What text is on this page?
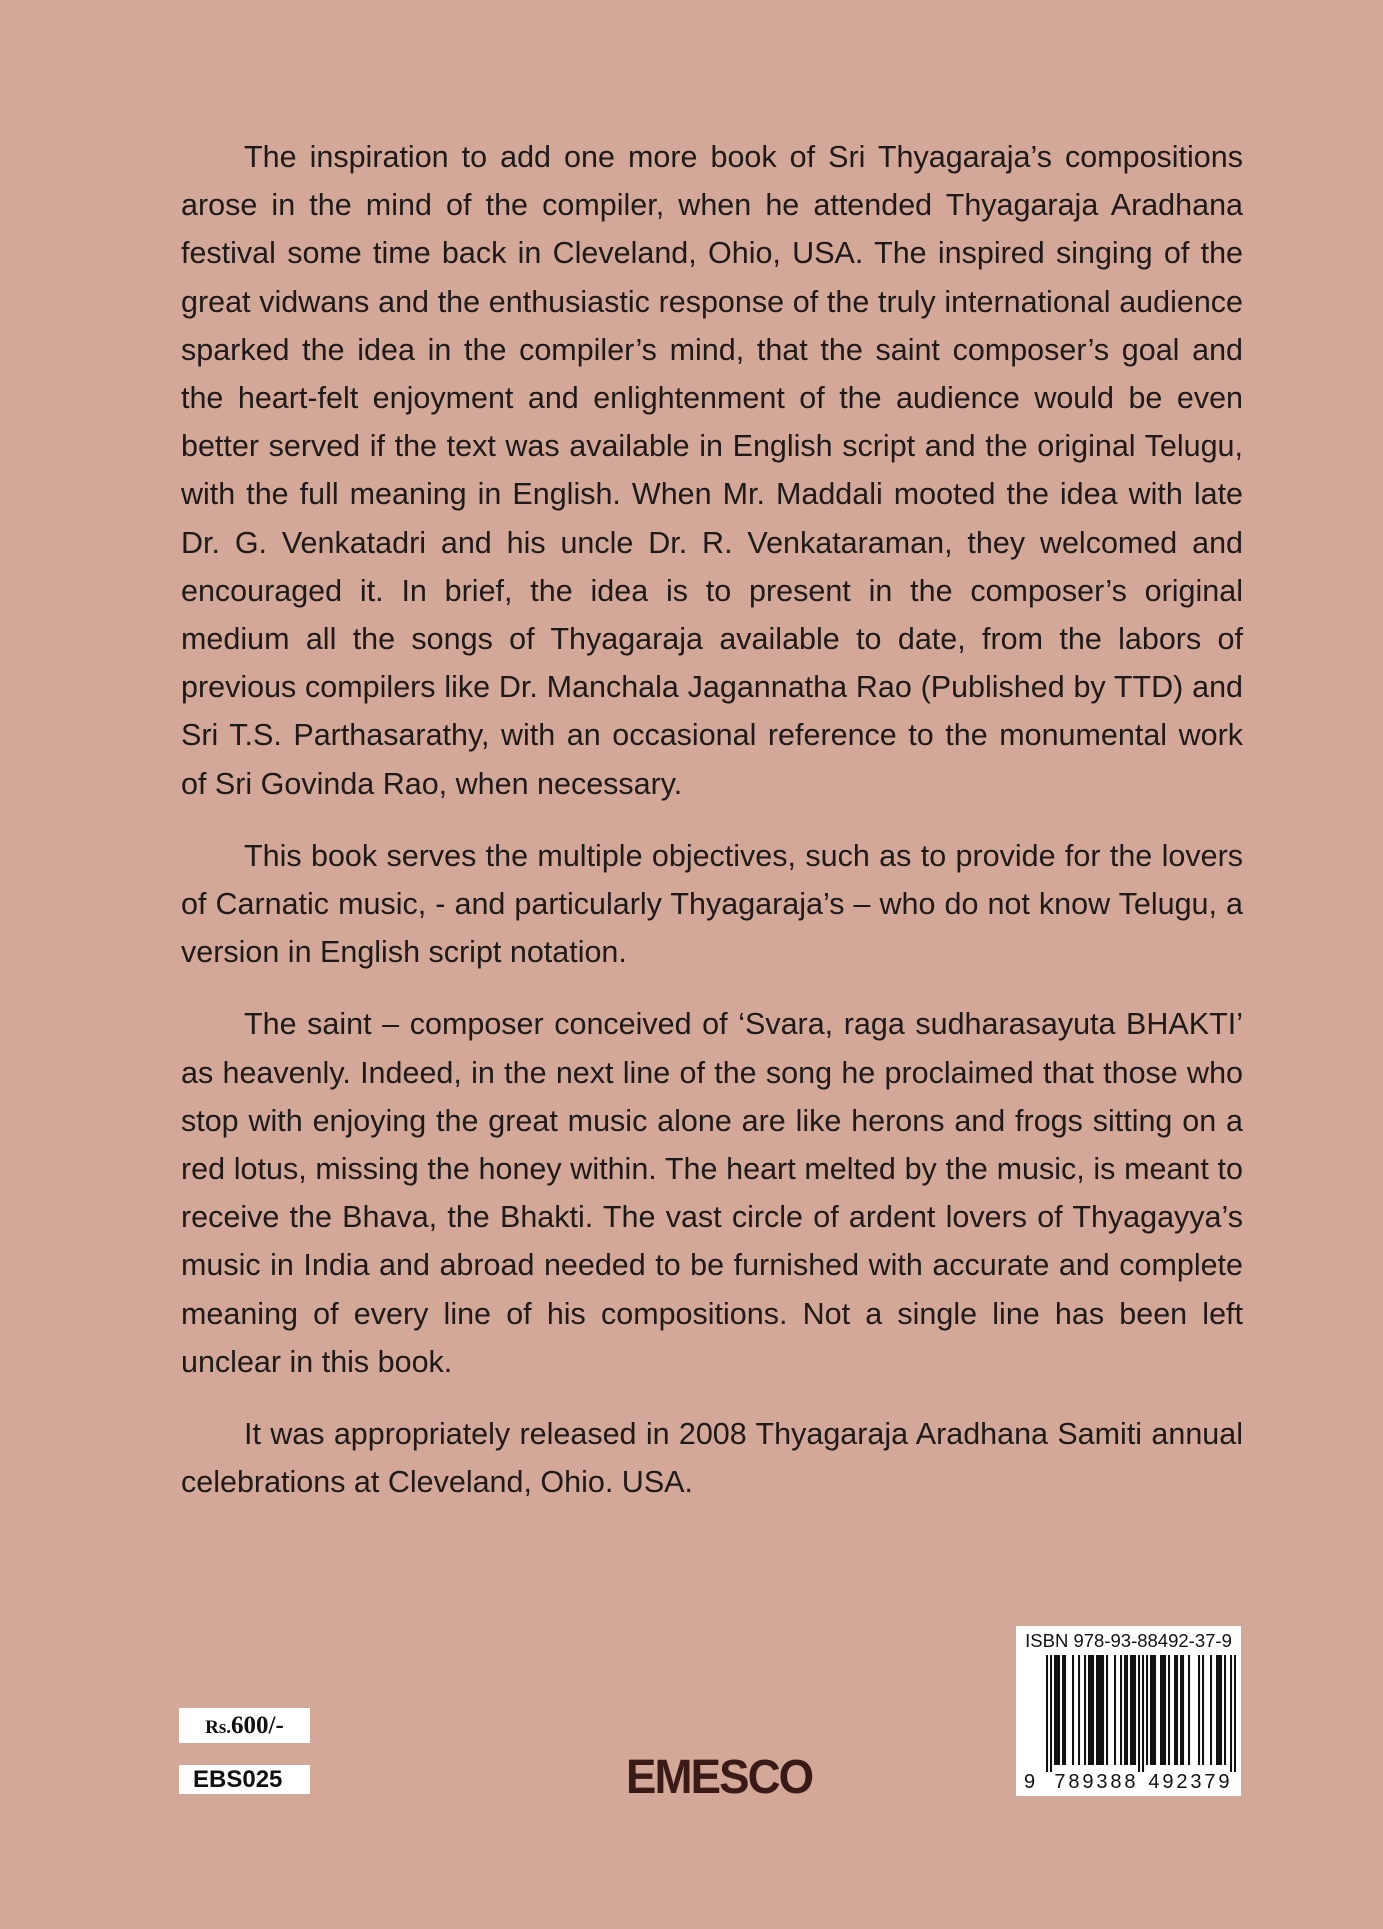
The inspiration to add one more book of Sri Thyagaraja’s compositions arose in the mind of the compiler, when he attended Thyagaraja Aradhana festival some time back in Cleveland, Ohio, USA. The inspired singing of the great vidwans and the enthusiastic response of the truly international audience sparked the idea in the compiler’s mind, that the saint composer’s goal and the heart-felt enjoyment and enlightenment of the audience would be even better served if the text was available in English script and the original Telugu, with the full meaning in English. When Mr. Maddali mooted the idea with late Dr. G. Venkatadri and his uncle Dr. R. Venkataraman, they welcomed and encouraged it. In brief, the idea is to present in the composer’s original medium all the songs of Thyagaraja available to date, from the labors of previous compilers like Dr. Manchala Jagannatha Rao (Published by TTD) and Sri T.S. Parthasarathy, with an occasional reference to the monumental work of Sri Govinda Rao, when necessary.

This book serves the multiple objectives, such as to provide for the lovers of Carnatic music, - and particularly Thyagaraja’s – who do not know Telugu, a version in English script notation.

The saint – composer conceived of ‘Svara, raga sudharasayuta BHAKTI’ as heavenly. Indeed, in the next line of the song he proclaimed that those who stop with enjoying the great music alone are like herons and frogs sitting on a red lotus, missing the honey within. The heart melted by the music, is meant to receive the Bhava, the Bhakti. The vast circle of ardent lovers of Thyagayya’s music in India and abroad needed to be furnished with accurate and complete meaning of every line of his compositions. Not a single line has been left unclear in this book.

It was appropriately released in 2008 Thyagaraja Aradhana Samiti annual celebrations at Cleveland, Ohio. USA.

Rs.600/-
EBS025	EMESCO
ISBN 978-93-88492-37-9
9 7 8 9 3 8 8 4 9 2 3 7 9
